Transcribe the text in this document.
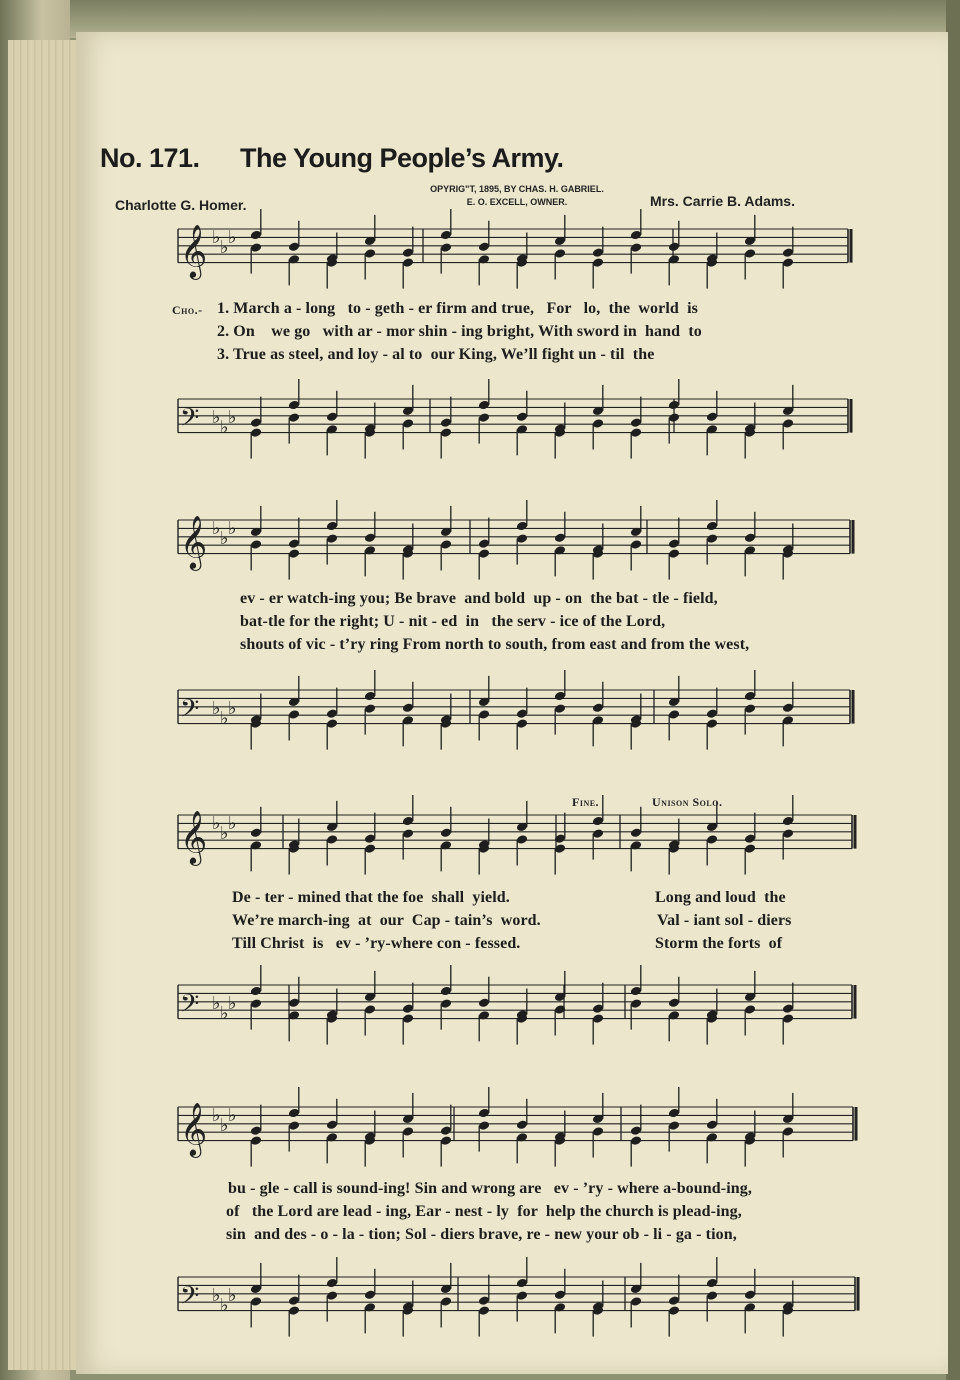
No. 171. The Young People’s Army.
Charlotte G. Homer.
OPYRIG"T, 1895, BY CHAS. H. GABRIEL.
E. O. EXCELL, OWNER.	Mrs. Carrie B. Adams.
𝄞 ♭ ♭ ♭
𝄢 ♭ ♭ ♭
𝄞 ♭ ♭ ♭
𝄢 ♭ ♭ ♭
𝄞 ♭ ♭ ♭
𝄢 ♭ ♭ ♭
𝄞 ♭ ♭ ♭
𝄢 ♭ ♭ ♭
Cho.- 1. March a - long   to - geth - er firm and true,   For   lo,  the  world  is
2. On    we go   with ar - mor shin - ing bright, With sword in  hand  to
3. True as steel, and loy - al to  our King, We’ll fight un - til  the
ev - er watch-ing you; Be brave  and bold  up - on  the bat - tle - field,
bat-tle for the right; U - nit - ed  in   the serv - ice of the Lord,
shouts of vic - t’ry ring From north to south, from east and from the west,
Fine.	Unison Solo.
De - ter - mined that the foe  shall  yield.
We’re march-ing  at  our  Cap - tain’s  word.
Till Christ  is   ev - ’ry-where con - fessed.
Long and loud  the
Val - iant sol - diers
Storm the forts  of
bu - gle - call is sound-ing! Sin and wrong are   ev - ’ry - where a-bound-ing,
of   the Lord are lead - ing, Ear - nest - ly  for  help the church is plead-ing,
sin  and des - o - la - tion; Sol - diers brave, re - new your ob - li - ga - tion,
